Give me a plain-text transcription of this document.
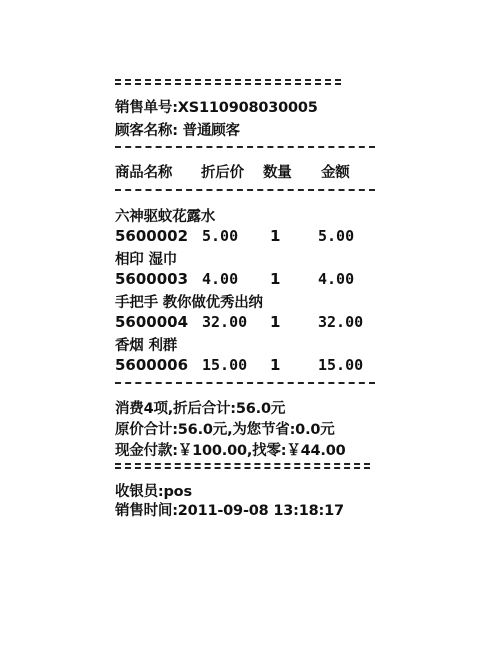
销售单号:XS110908030005
顾客名称: 普通顾客
商品名称 折后价 数量 金额
六神驱蚊花露水
5600002 5.00 1	5.00
相印 湿巾
5600003 4.00 1	4.00
手把手 教你做优秀出纳
5600004 32.00 1	32.00
香烟 利群
5600006 15.00 1	15.00
消费4项,折后合计:56.0元
原价合计:56.0元,为您节省:0.0元
现金付款:￥100.00,找零:￥44.00
收银员:pos
销售时间:2011-09-08 13:18:17
